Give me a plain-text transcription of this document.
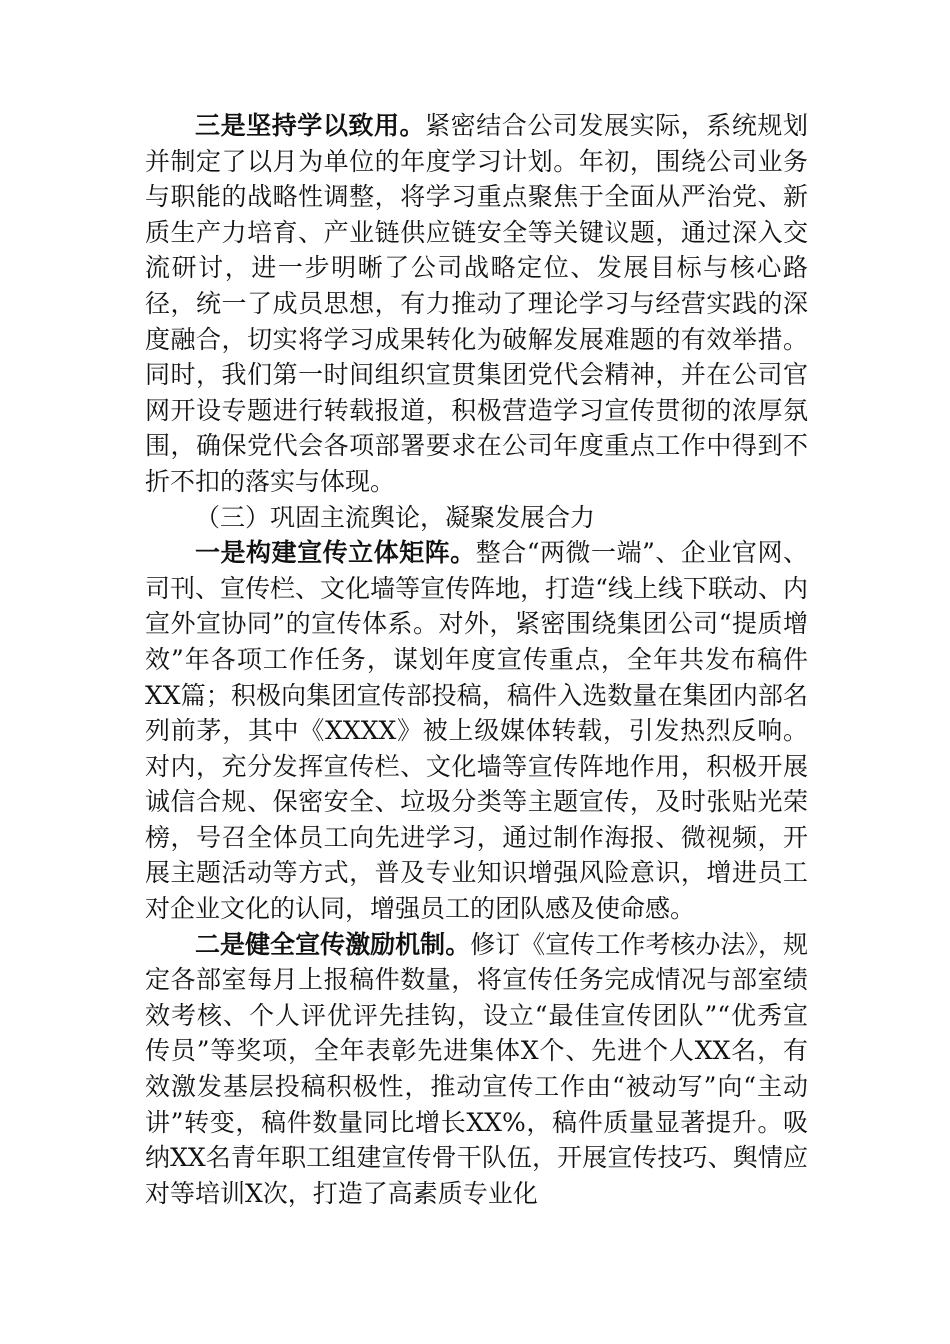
三是坚持学以致用。紧密结合公司发展实际，系统规划并制定了以月为单位的年度学习计划。年初，围绕公司业务与职能的战略性调整，将学习重点聚焦于全面从严治党、新质生产力培育、产业链供应链安全等关键议题，通过深入交流研讨，进一步明晰了公司战略定位、发展目标与核心路径，统一了成员思想，有力推动了理论学习与经营实践的深度融合，切实将学习成果转化为破解发展难题的有效举措。同时，我们第一时间组织宣贯集团党代会精神，并在公司官网开设专题进行转载报道，积极营造学习宣传贯彻的浓厚氛围，确保党代会各项部署要求在公司年度重点工作中得到不折不扣的落实与体现。

（三）巩固主流舆论，凝聚发展合力

一是构建宣传立体矩阵。整合“两微一端”、企业官网、司刊、宣传栏、文化墙等宣传阵地，打造“线上线下联动、内宣外宣协同”的宣传体系。对外，紧密围绕集团公司“提质增效”年各项工作任务，谋划年度宣传重点，全年共发布稿件XX篇；积极向集团宣传部投稿，稿件入选数量在集团内部名列前茅，其中《XXXX》被上级媒体转载，引发热烈反响。对内，充分发挥宣传栏、文化墙等宣传阵地作用，积极开展诚信合规、保密安全、垃圾分类等主题宣传，及时张贴光荣榜，号召全体员工向先进学习，通过制作海报、微视频，开展主题活动等方式，普及专业知识增强风险意识，增进员工对企业文化的认同，增强员工的团队感及使命感。

二是健全宣传激励机制。修订《宣传工作考核办法》，规定各部室每月上报稿件数量，将宣传任务完成情况与部室绩效考核、个人评优评先挂钩，设立“最佳宣传团队”“优秀宣传员”等奖项，全年表彰先进集体X个、先进个人XX名，有效激发基层投稿积极性，推动宣传工作由“被动写”向“主动讲”转变，稿件数量同比增长XX%，稿件质量显著提升。吸纳XX名青年职工组建宣传骨干队伍，开展宣传技巧、舆情应对等培训X次，打造了高素质专业化
